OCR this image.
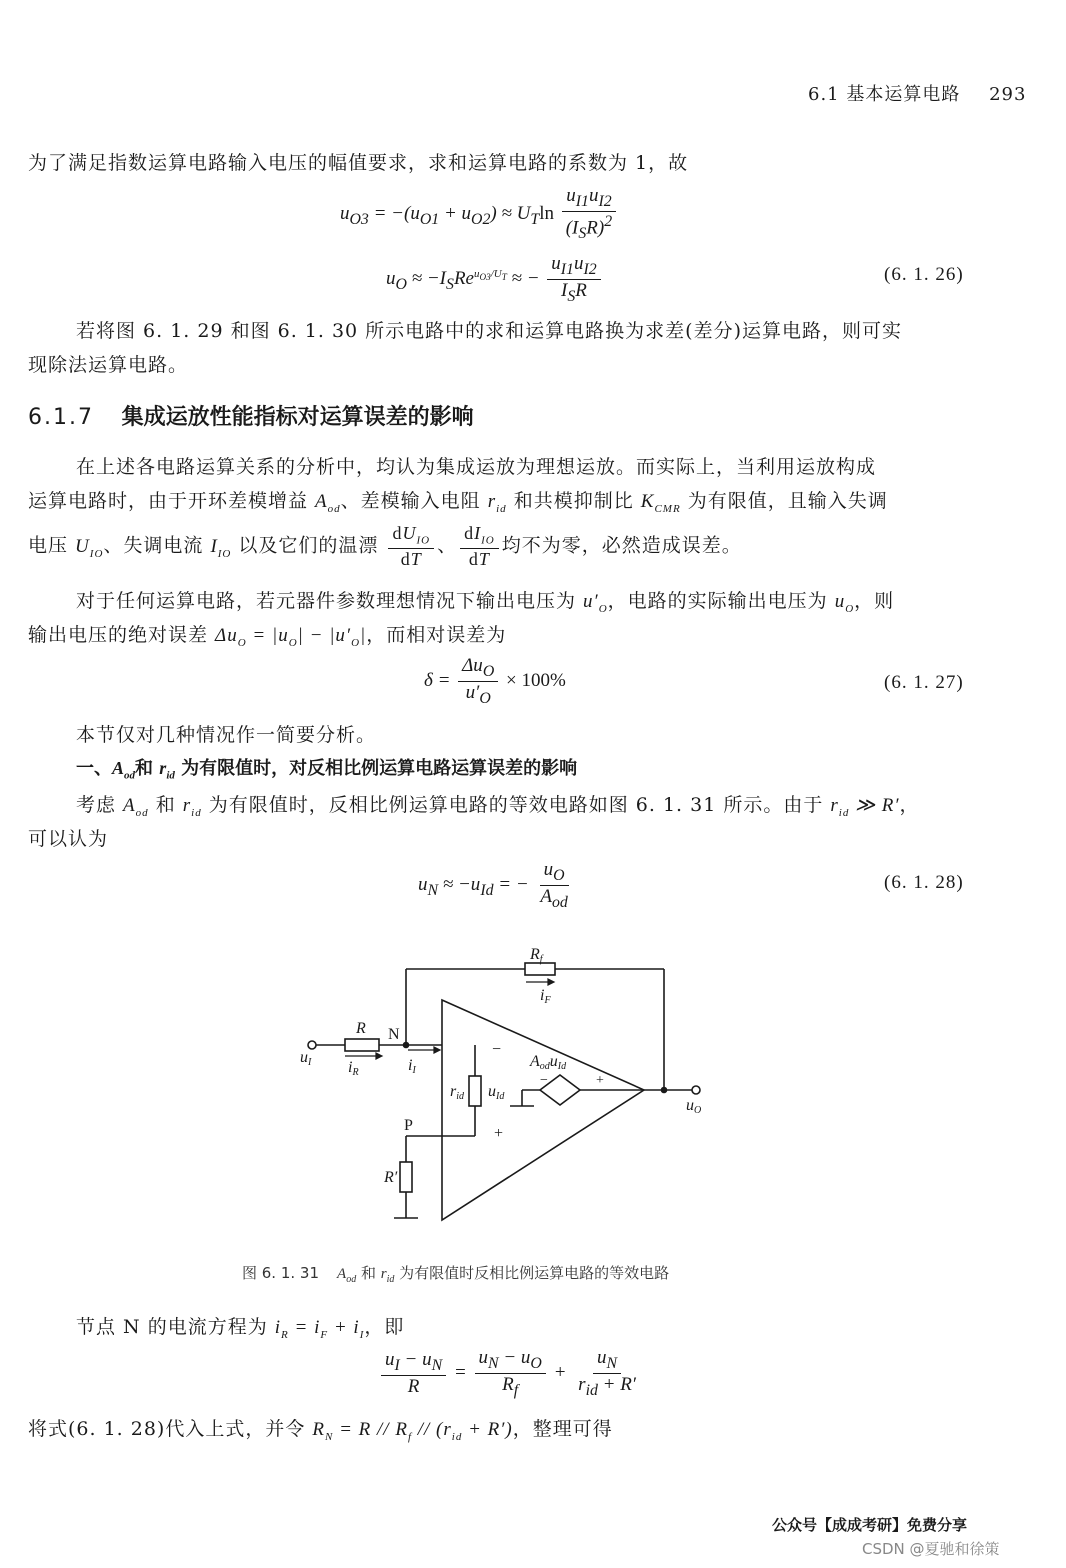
6.1 基本运算电路 293
为了满足指数运算电路输入电压的幅值要求，求和运算电路的系数为 1，故
$u_{O3} = -(u_{O1} + u_{O2}) \approx U_T\ln \frac{u_{I1}u_{I2}}{(I_SR)^2}$
$u_O \approx -I_SRe^{u_{O3}/U_T}$ ≈ − $\frac{u_{I1}u_{I2}}{I_SR}$	(6. 1. 26)
若将图 6. 1. 29 和图 6. 1. 30 所示电路中的求和运算电路换为求差(差分)运算电路，则可实
现除法运算电路。
6.1.7 集成运放性能指标对运算误差的影响
在上述各电路运算关系的分析中，均认为集成运放为理想运放。而实际上，当利用运放构成
运算电路时，由于开环差模增益 $A_{od}$、差模输入电阻 $r_{id}$ 和共模抑制比 $K_{CMR}$ 为有限值，且输入失调
电压 $U_{IO}$、失调电流 $I_{IO}$ 以及它们的温漂 $\frac{dU_{IO}}{dT}$ 、 $\frac{dI_{IO}}{dT}$ 均不为零，必然造成误差。
对于任何运算电路，若元器件参数理想情况下输出电压为 $u'_O$，电路的实际输出电压为 $u_O$，则
输出电压的绝对误差 $\Delta u_O = |u_O| - |u'_O|$，而相对误差为
$\delta = \frac{\Delta u_O}{u'_O} \times 100\%$	(6. 1. 27)
本节仅对几种情况作一简要分析。
一、$A_{od}$和 $r_{id}$ 为有限值时，对反相比例运算电路运算误差的影响
考虑 $A_{od}$ 和 $r_{id}$ 为有限值时，反相比例运算电路的等效电路如图 6. 1. 31 所示。由于 $r_{id}$ ≫ R′，
可以认为
$u_N \approx -u_{Id}$ = − $\frac{u_O}{A_{od}}$	(6. 1. 28)
R N
Rf
iF
iR	iI
uI
uO
rid uId
AoduId
P
R′
−
+
−	+
图 6. 1. 31 $A_{od}$ 和 $r_{id}$ 为有限值时反相比例运算电路的等效电路
节点 N 的电流方程为 $i_R = i_F + i_I$，即
$\frac{u_I - u_N}{R} = \frac{u_N - u_O}{R_f} + \frac{u_N}{r_{id} + R'}$
将式(6. 1. 28)代入上式，并令 $R_N = R // R_f // (r_{id} + R')$，整理可得
公众号【成成考研】免费分享
CSDN @夏驰和徐策
